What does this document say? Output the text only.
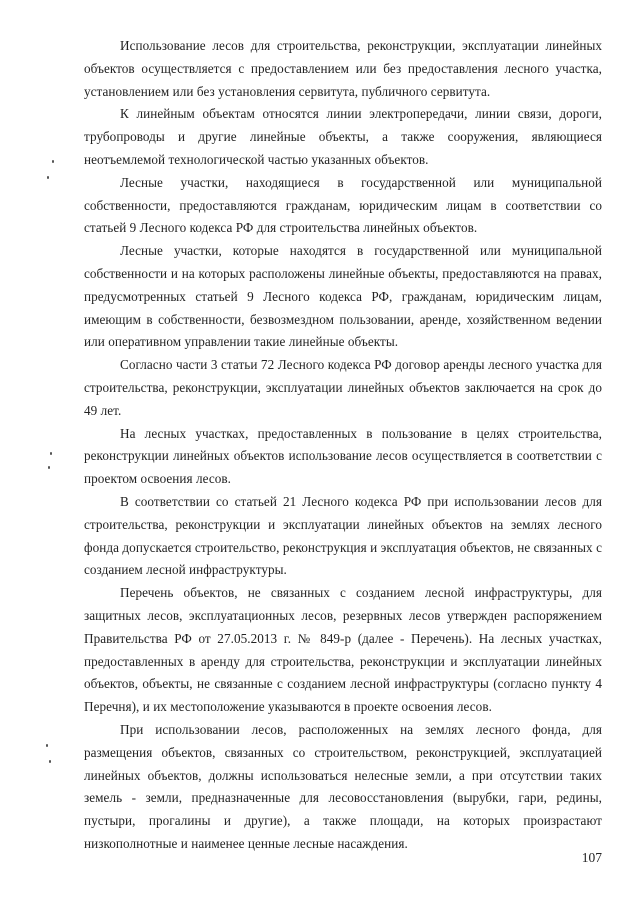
Использование лесов для строительства, реконструкции, эксплуатации линейных объектов осуществляется с предоставлением или без предоставления лесного участка, установлением или без установления сервитута, публичного сервитута.

К линейным объектам относятся линии электропередачи, линии связи, дороги, трубопроводы и другие линейные объекты, а также сооружения, являющиеся неотъемлемой технологической частью указанных объектов.

Лесные участки, находящиеся в государственной или муниципальной собственности, предоставляются гражданам, юридическим лицам в соответствии со статьей 9 Лесного кодекса РФ для строительства линейных объектов.

Лесные участки, которые находятся в государственной или муниципальной собственности и на которых расположены линейные объекты, предоставляются на правах, предусмотренных статьей 9 Лесного кодекса РФ, гражданам, юридическим лицам, имеющим в собственности, безвозмездном пользовании, аренде, хозяйственном ведении или оперативном управлении такие линейные объекты.

Согласно части 3 статьи 72 Лесного кодекса РФ договор аренды лесного участка для строительства, реконструкции, эксплуатации линейных объектов заключается на срок до 49 лет.

На лесных участках, предоставленных в пользование в целях строительства, реконструкции линейных объектов использование лесов осуществляется в соответствии с проектом освоения лесов.

В соответствии со статьей 21 Лесного кодекса РФ при использовании лесов для строительства, реконструкции и эксплуатации линейных объектов на землях лесного фонда допускается строительство, реконструкция и эксплуатация объектов, не связанных с созданием лесной инфраструктуры.

Перечень объектов, не связанных с созданием лесной инфраструктуры, для защитных лесов, эксплуатационных лесов, резервных лесов утвержден распоряжением Правительства РФ от 27.05.2013 г. № 849-р (далее - Перечень). На лесных участках, предоставленных в аренду для строительства, реконструкции и эксплуатации линейных объектов, объекты, не связанные с созданием лесной инфраструктуры (согласно пункту 4 Перечня), и их местоположение указываются в проекте освоения лесов.

При использовании лесов, расположенных на землях лесного фонда, для размещения объектов, связанных со строительством, реконструкцией, эксплуатацией линейных объектов, должны использоваться нелесные земли, а при отсутствии таких земель - земли, предназначенные для лесовосстановления (вырубки, гари, редины, пустыри, прогалины и другие), а также площади, на которых произрастают низкополнотные и наименее ценные лесные насаждения.

107
